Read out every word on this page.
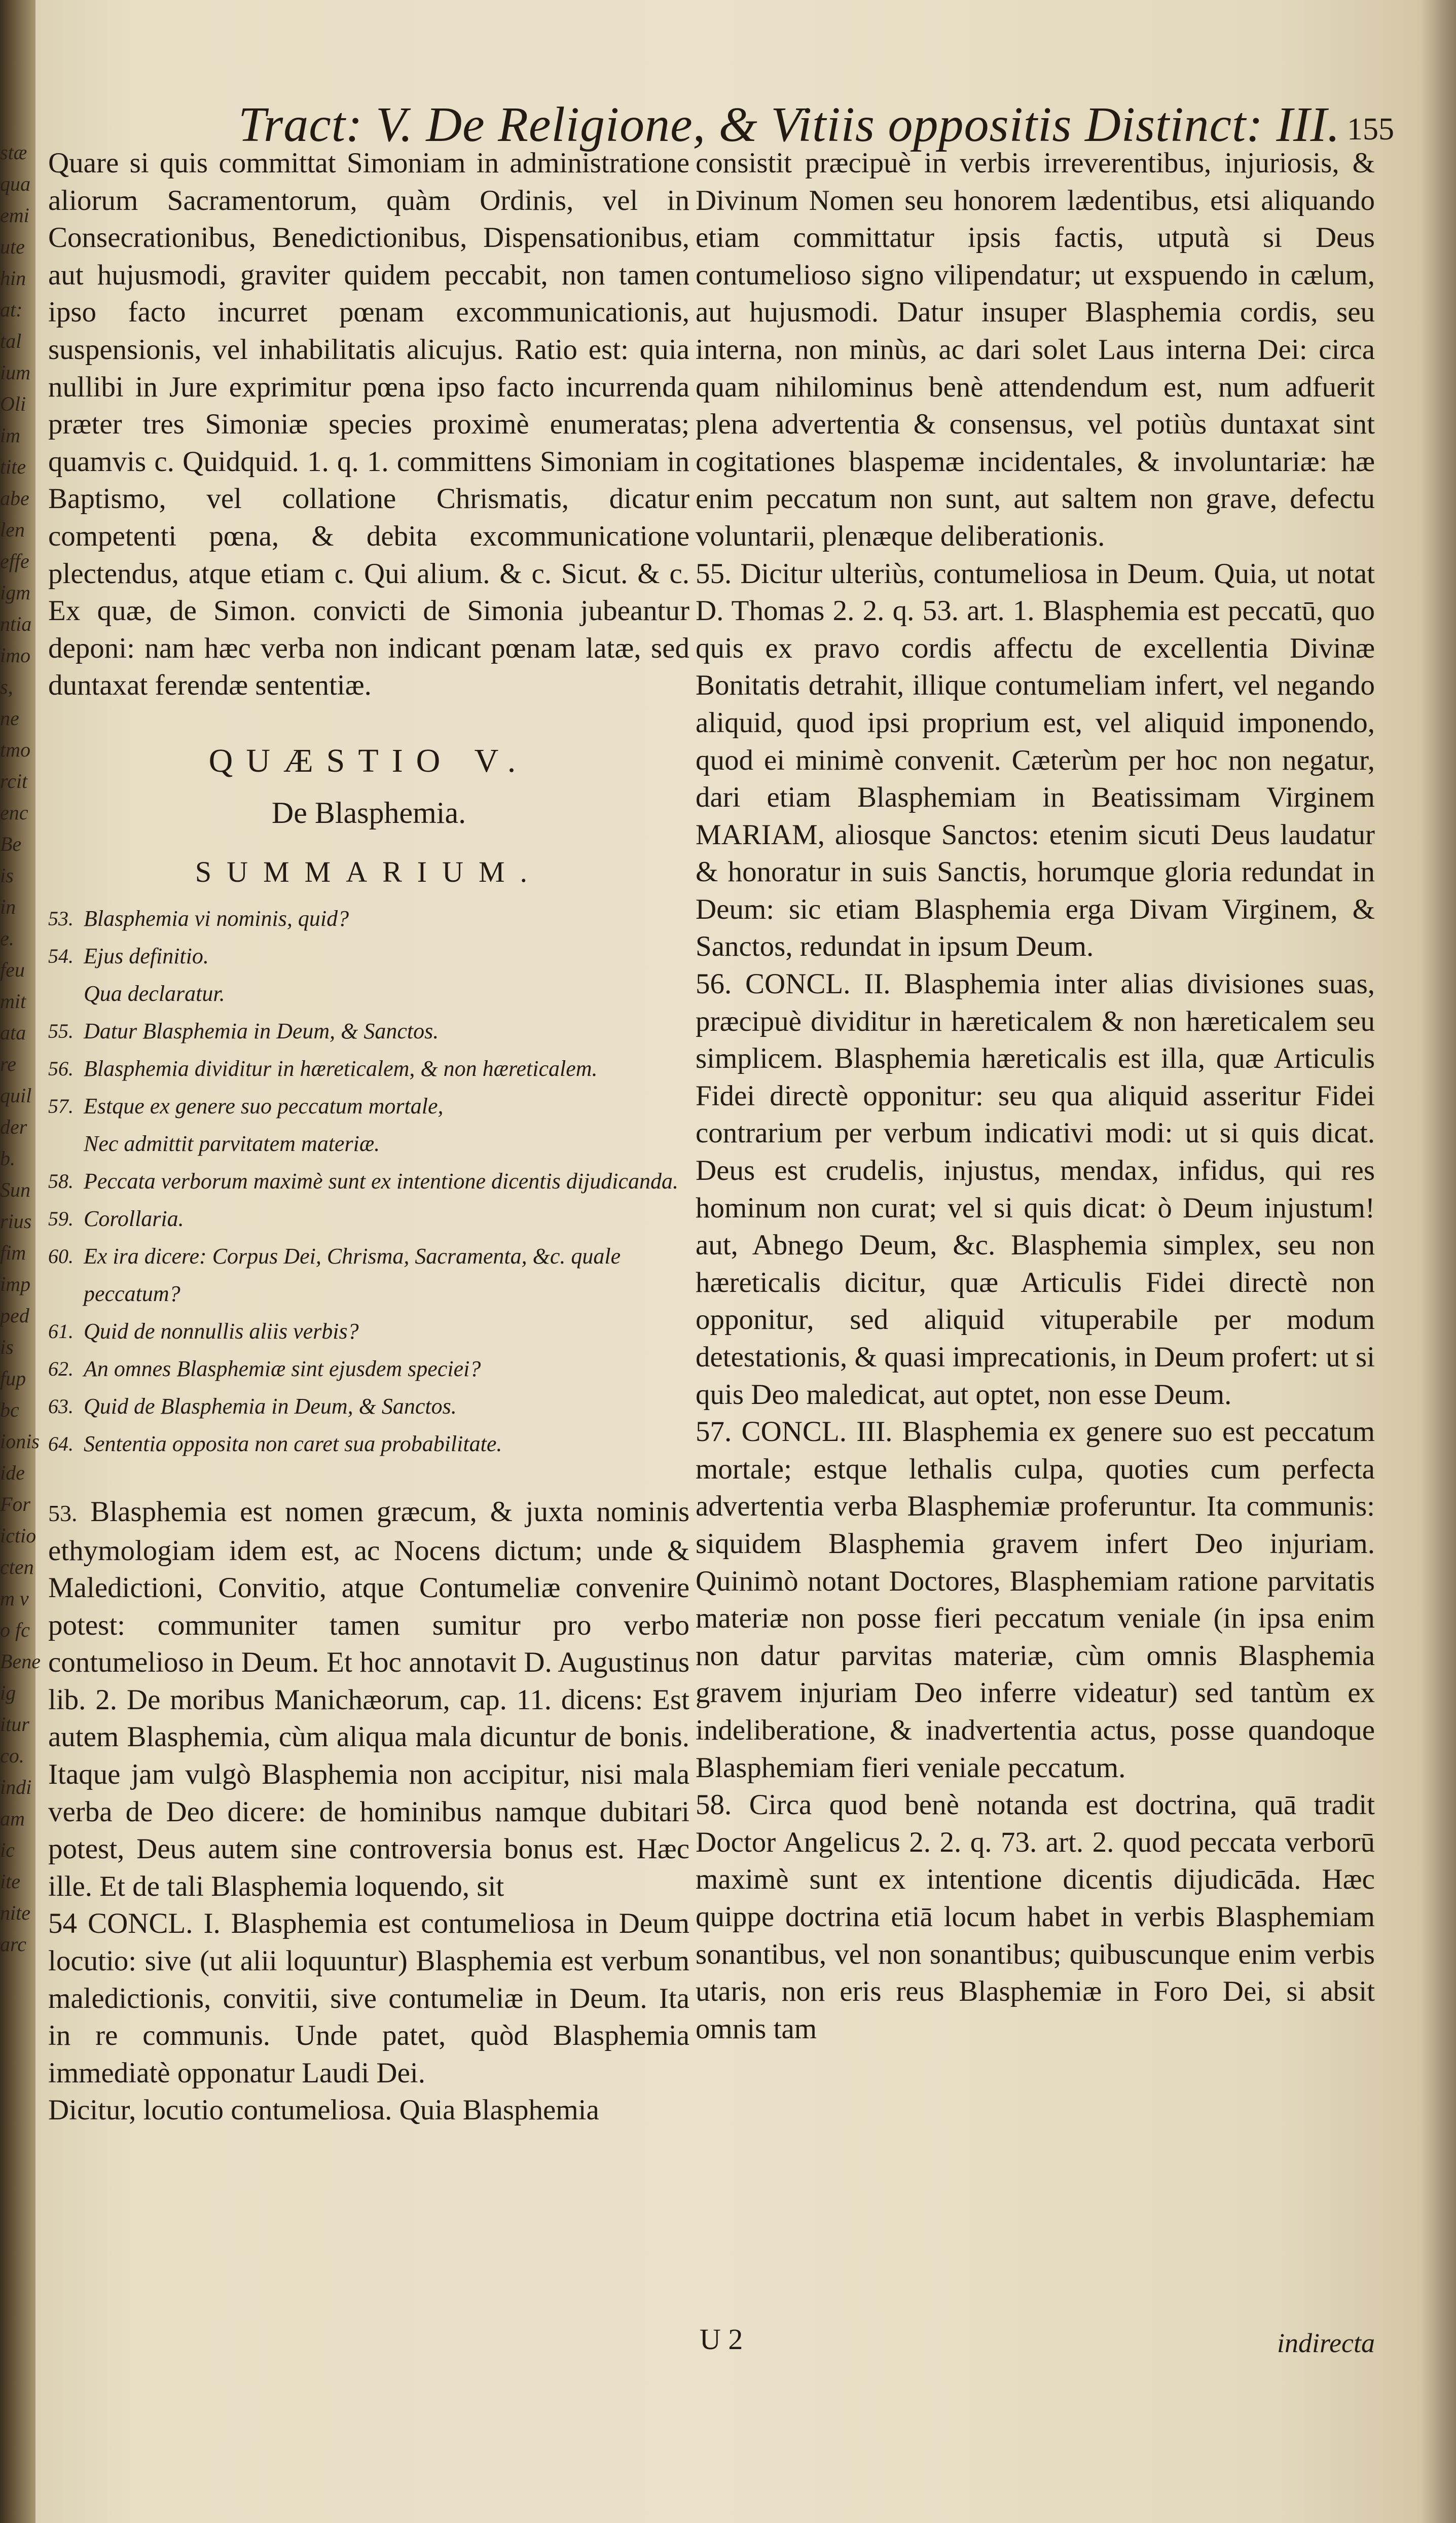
stæ
qua
emi
ute
hin
at:
tal
ium
Oli
im
tite
abe
len
effe
igm
ntia
imo
s,
ne
tmo
rcit
enc
Be
is
in
e.
feu
mit
ata
re
quil
der
b.
Sun
rius
fim
imp
ped
is
fup
bc
ionis
ide
For
ictio
cten
m v
o fc
Bene
ig
itur
co.
indi
am
ic
ite
nite
arc
Tract: V. De Religione, & Vitiis oppositis Distinct: III. 155

Quare si quis committat Simoniam in administratione aliorum Sacramentorum, quàm Ordinis, vel in Consecrationibus, Benedictionibus, Dispensationibus, aut hujusmodi, graviter quidem peccabit, non tamen ipso facto incurret pœnam excommunicationis, suspensionis, vel inhabilitatis alicujus. Ratio est: quia nullibi in Jure exprimitur pœna ipso facto incurrenda præter tres Simoniæ species proximè enumeratas; quamvis c. Quidquid. 1. q. 1. committens Simoniam in Baptismo, vel collatione Chrismatis, dicatur competenti pœna, & debita excommunicatione plectendus, atque etiam c. Qui alium. & c. Sicut. & c. Ex quæ, de Simon. convicti de Simonia jubeantur deponi: nam hæc verba non indicant pœnam latæ, sed duntaxat ferendæ sententiæ.

QUÆSTIO V.
De Blasphemia.
SUMMARIUM.
53. Blasphemia vi nominis, quid?
54. Ejus definitio.
Qua declaratur.
55. Datur Blasphemia in Deum, & Sanctos.
56. Blasphemia dividitur in hæreticalem, & non hæreticalem.
57. Estque ex genere suo peccatum mortale,
Nec admittit parvitatem materiæ.
58. Peccata verborum maximè sunt ex intentione dicentis dijudicanda.
59. Corollaria.
60. Ex ira dicere: Corpus Dei, Chrisma, Sacramenta, &c. quale peccatum?
61. Quid de nonnullis aliis verbis?
62. An omnes Blasphemiæ sint ejusdem speciei?
63. Quid de Blasphemia in Deum, & Sanctos.
64. Sententia opposita non caret sua probabilitate.

53. Blasphemia est nomen græcum, & juxta nominis ethymologiam idem est, ac Nocens dictum; unde & Maledictioni, Convitio, atque Contumeliæ convenire potest: communiter tamen sumitur pro verbo contumelioso in Deum. Et hoc annotavit D. Augustinus lib. 2. De moribus Manichæorum, cap. 11. dicens: Est autem Blasphemia, cùm aliqua mala dicuntur de bonis. Itaque jam vulgò Blasphemia non accipitur, nisi mala verba de Deo dicere: de hominibus namque dubitari potest, Deus autem sine controversia bonus est. Hæc ille. Et de tali Blasphemia loquendo, sit

54 CONCL. I. Blasphemia est contumeliosa in Deum locutio: sive (ut alii loquuntur) Blasphemia est verbum maledictionis, convitii, sive contumeliæ in Deum. Ita in re communis. Unde patet, quòd Blasphemia immediatè opponatur Laudi Dei.

Dicitur, locutio contumeliosa. Quia Blasphemia

consistit præcipuè in verbis irreverentibus, injuriosis, & Divinum Nomen seu honorem lædentibus, etsi aliquando etiam committatur ipsis factis, utputà si Deus contumelioso signo vilipendatur; ut exspuendo in cælum, aut hujusmodi. Datur insuper Blasphemia cordis, seu interna, non minùs, ac dari solet Laus interna Dei: circa quam nihilominus benè attendendum est, num adfuerit plena advertentia & consensus, vel potiùs duntaxat sint cogitationes blaspemæ incidentales, & involuntariæ: hæ enim peccatum non sunt, aut saltem non grave, defectu voluntarii, plenæque deliberationis.

55. Dicitur ulteriùs, contumeliosa in Deum. Quia, ut notat D. Thomas 2. 2. q. 53. art. 1. Blasphemia est peccatū, quo quis ex pravo cordis affectu de excellentia Divinæ Bonitatis detrahit, illique contumeliam infert, vel negando aliquid, quod ipsi proprium est, vel aliquid imponendo, quod ei minimè convenit. Cæterùm per hoc non negatur, dari etiam Blasphemiam in Beatissimam Virginem MARIAM, aliosque Sanctos: etenim sicuti Deus laudatur & honoratur in suis Sanctis, horumque gloria redundat in Deum: sic etiam Blasphemia erga Divam Virginem, & Sanctos, redundat in ipsum Deum.

56. CONCL. II. Blasphemia inter alias divisiones suas, præcipuè dividitur in hæreticalem & non hæreticalem seu simplicem. Blasphemia hæreticalis est illa, quæ Articulis Fidei directè opponitur: seu qua aliquid asseritur Fidei contrarium per verbum indicativi modi: ut si quis dicat. Deus est crudelis, injustus, mendax, infidus, qui res hominum non curat; vel si quis dicat: ò Deum injustum! aut, Abnego Deum, &c. Blasphemia simplex, seu non hæreticalis dicitur, quæ Articulis Fidei directè non opponitur, sed aliquid vituperabile per modum detestationis, & quasi imprecationis, in Deum profert: ut si quis Deo maledicat, aut optet, non esse Deum.

57. CONCL. III. Blasphemia ex genere suo est peccatum mortale; estque lethalis culpa, quoties cum perfecta advertentia verba Blasphemiæ proferuntur. Ita communis: siquidem Blasphemia gravem infert Deo injuriam. Quinimò notant Doctores, Blasphemiam ratione parvitatis materiæ non posse fieri peccatum veniale (in ipsa enim non datur parvitas materiæ, cùm omnis Blasphemia gravem injuriam Deo inferre videatur) sed tantùm ex indeliberatione, & inadvertentia actus, posse quandoque Blasphemiam fieri veniale peccatum.

58. Circa quod benè notanda est doctrina, quā tradit Doctor Angelicus 2. 2. q. 73. art. 2. quod peccata verborū maximè sunt ex intentione dicentis dijudicāda. Hæc quippe doctrina etiā locum habet in verbis Blasphemiam sonantibus, vel non sonantibus; quibuscunque enim verbis utaris, non eris reus Blasphemiæ in Foro Dei, si absit omnis tam

U 2	indirecta
